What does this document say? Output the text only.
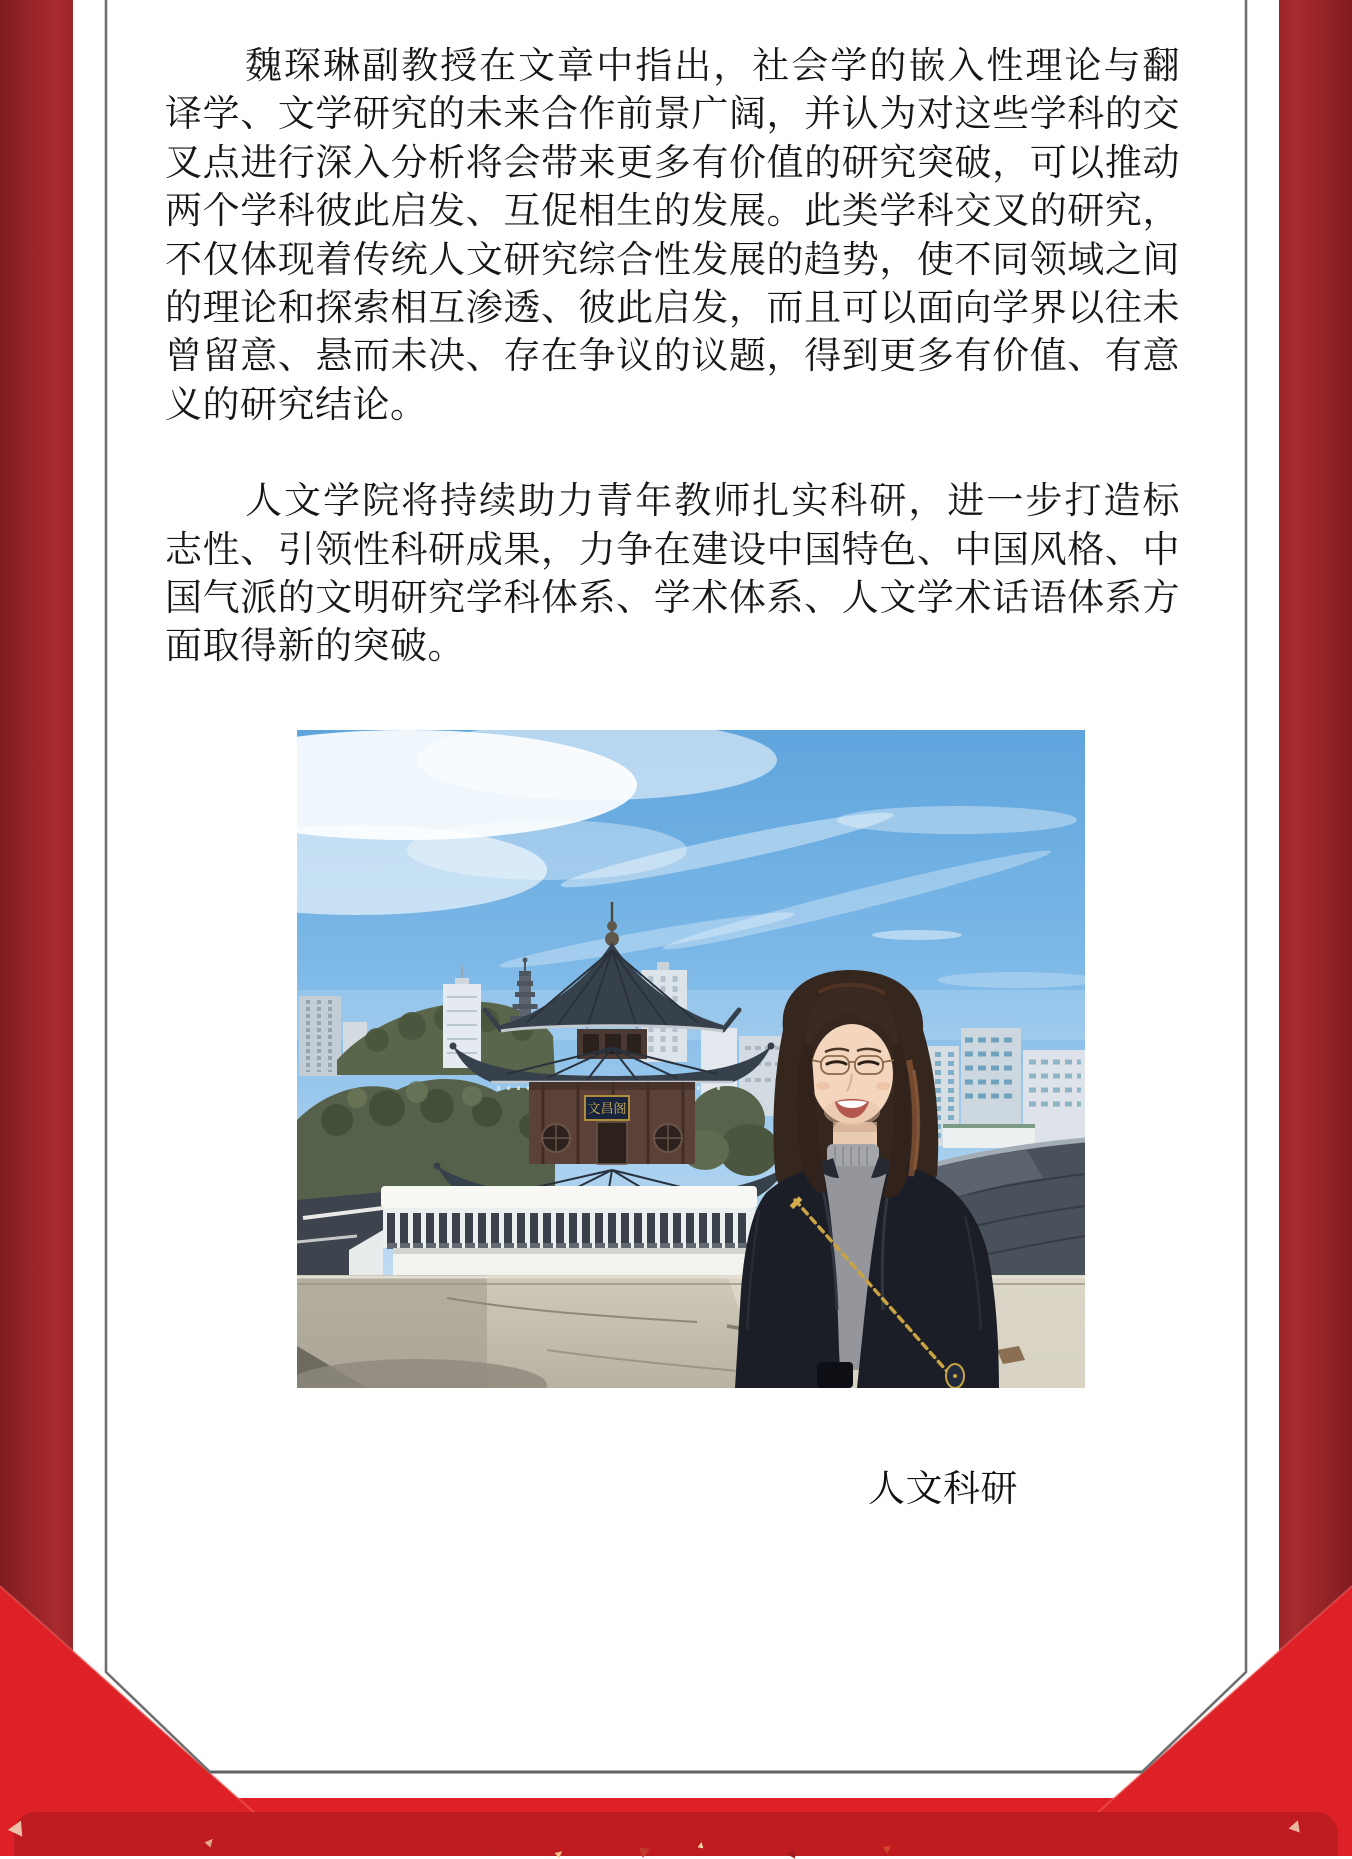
魏琛琳副教授在文章中指出，社会学的嵌入性理论与翻译学、文学研究的未来合作前景广阔，并认为对这些学科的交叉点进行深入分析将会带来更多有价值的研究突破，可以推动两个学科彼此启发、互促相生的发展。此类学科交叉的研究，不仅体现着传统人文研究综合性发展的趋势，使不同领域之间的理论和探索相互渗透、彼此启发，而且可以面向学界以往未曾留意、悬而未决、存在争议的议题，得到更多有价值、有意义的研究结论。

人文学院将持续助力青年教师扎实科研，进一步打造标志性、引领性科研成果，力争在建设中国特色、中国风格、中国气派的文明研究学科体系、学术体系、人文学术话语体系方面取得新的突破。

文昌阁
人文科研
